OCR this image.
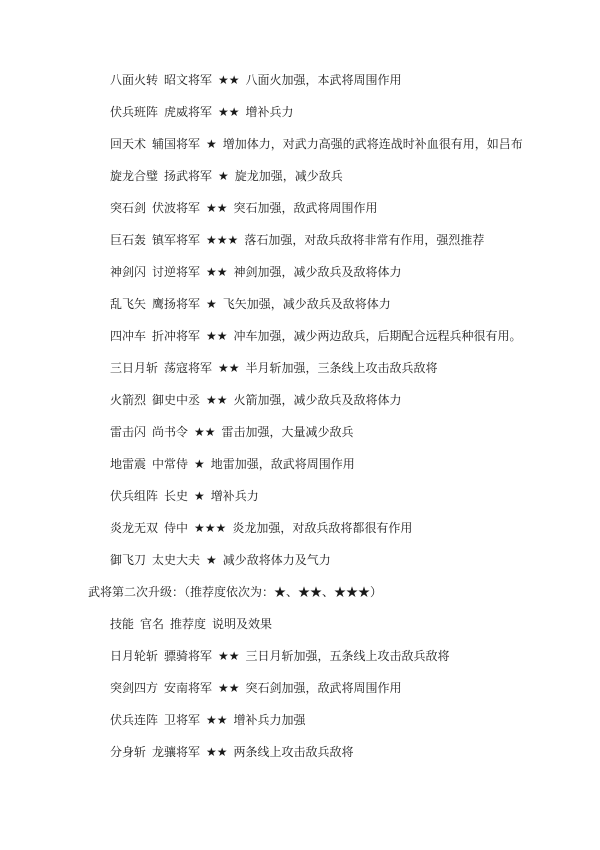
八面火转 昭文将军 ★★ 八面火加强，本武将周围作用
伏兵班阵 虎威将军 ★★ 增补兵力
回天术 辅国将军 ★ 增加体力，对武力高强的武将连战时补血很有用，如吕布
旋龙合璧 扬武将军 ★ 旋龙加强，减少敌兵
突石剑 伏波将军 ★★ 突石加强，敌武将周围作用
巨石轰 镇军将军 ★★★ 落石加强，对敌兵敌将非常有作用，强烈推荐
神剑闪 讨逆将军 ★★ 神剑加强，减少敌兵及敌将体力
乱飞矢 鹰扬将军 ★ 飞矢加强，减少敌兵及敌将体力
四冲车 折冲将军 ★★ 冲车加强，减少两边敌兵，后期配合远程兵种很有用。
三日月斩 荡寇将军 ★★ 半月斩加强，三条线上攻击敌兵敌将
火箭烈 御史中丞 ★★ 火箭加强，减少敌兵及敌将体力
雷击闪 尚书令 ★★ 雷击加强，大量减少敌兵
地雷震 中常侍 ★ 地雷加强，敌武将周围作用
伏兵组阵 长史 ★ 增补兵力
炎龙无双 侍中 ★★★ 炎龙加强，对敌兵敌将都很有作用
御飞刀 太史大夫 ★ 减少敌将体力及气力
武将第二次升级：（推荐度依次为：★、★★、★★★）
技能 官名 推荐度 说明及效果
日月轮斩 骠骑将军 ★★ 三日月斩加强，五条线上攻击敌兵敌将
突剑四方 安南将军 ★★ 突石剑加强，敌武将周围作用
伏兵连阵 卫将军 ★★ 增补兵力加强
分身斩 龙骧将军 ★★ 两条线上攻击敌兵敌将
